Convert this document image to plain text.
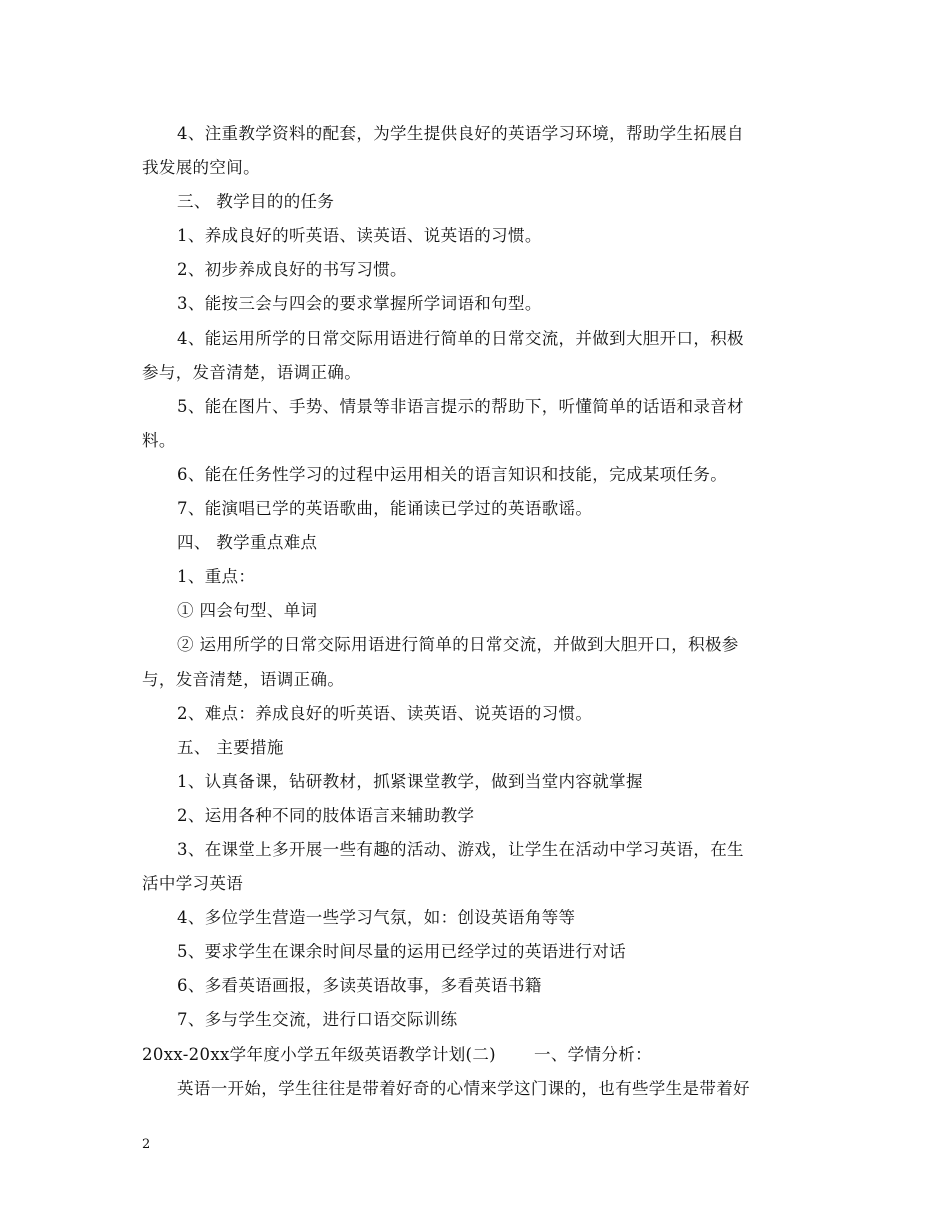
4、注重教学资料的配套，为学生提供良好的英语学习环境，帮助学生拓展自
我发展的空间。
三、 教学目的的任务
1、养成良好的听英语、读英语、说英语的习惯。
2、初步养成良好的书写习惯。
3、能按三会与四会的要求掌握所学词语和句型。
4、能运用所学的日常交际用语进行简单的日常交流，并做到大胆开口，积极
参与，发音清楚，语调正确。
5、能在图片、手势、情景等非语言提示的帮助下，听懂简单的话语和录音材
料。
6、能在任务性学习的过程中运用相关的语言知识和技能，完成某项任务。
7、能演唱已学的英语歌曲，能诵读已学过的英语歌谣。
四、 教学重点难点
1、重点：
① 四会句型、单词
② 运用所学的日常交际用语进行简单的日常交流，并做到大胆开口，积极参
与，发音清楚，语调正确。
2、难点：养成良好的听英语、读英语、说英语的习惯。
五、 主要措施
1、认真备课，钻研教材，抓紧课堂教学，做到当堂内容就掌握
2、运用各种不同的肢体语言来辅助教学
3、在课堂上多开展一些有趣的活动、游戏，让学生在活动中学习英语，在生
活中学习英语
4、多位学生营造一些学习气氛，如：创设英语角等等
5、要求学生在课余时间尽量的运用已经学过的英语进行对话
6、多看英语画报，多读英语故事，多看英语书籍
7、多与学生交流，进行口语交际训练
20xx-20xx学年度小学五年级英语教学计划(二) 一、学情分析：
英语一开始，学生往往是带着好奇的心情来学这门课的，也有些学生是带着好
2
